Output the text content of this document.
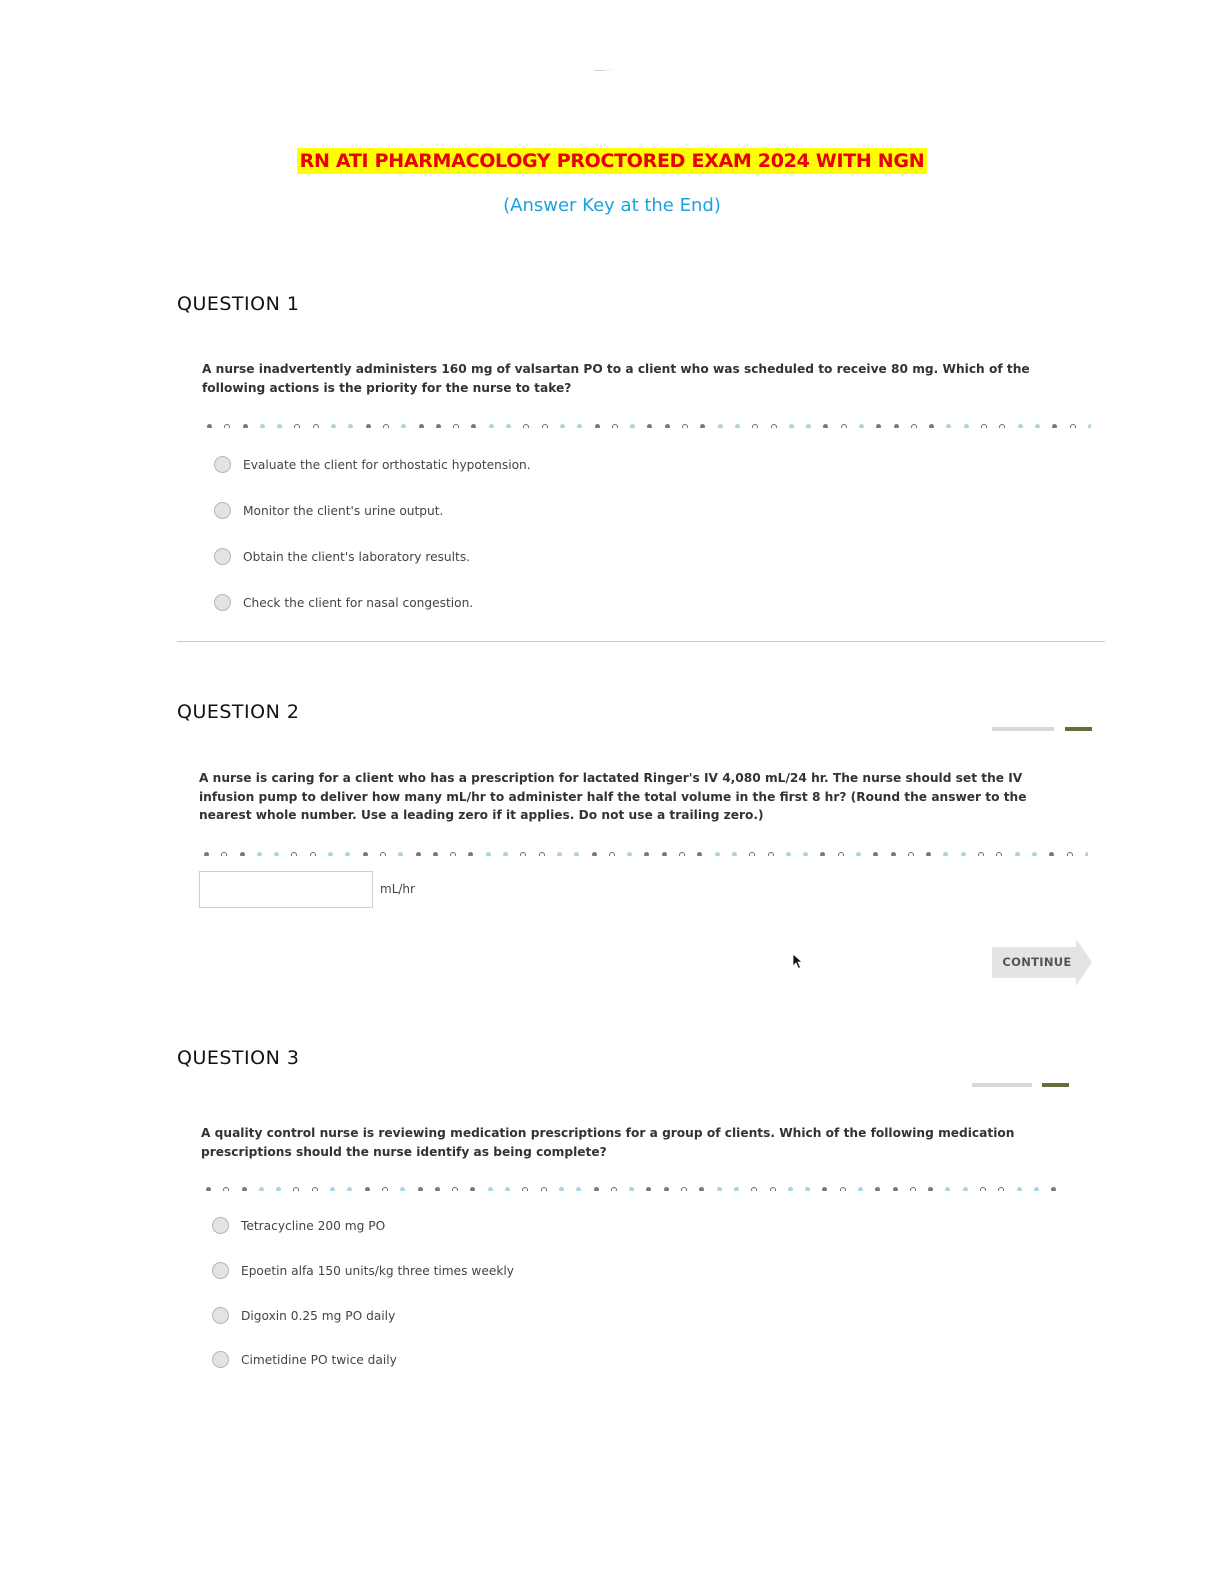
——— ·· ·
RN ATI PHARMACOLOGY PROCTORED EXAM 2024 WITH NGN
(Answer Key at the End)
QUESTION 1
A nurse inadvertently administers 160 mg of valsartan PO to a client who was scheduled to receive 80 mg. Which of the following actions is the priority for the nurse to take?
Evaluate the client for orthostatic hypotension.
Monitor the client's urine output.
Obtain the client's laboratory results.
Check the client for nasal congestion.
QUESTION 2
A nurse is caring for a client who has a prescription for lactated Ringer's IV 4,080 mL/24 hr. The nurse should set the IV infusion pump to deliver how many mL/hr to administer half the total volume in the first 8 hr? (Round the answer to the nearest whole number. Use a leading zero if it applies. Do not use a trailing zero.)
mL/hr
CONTINUE
QUESTION 3
A quality control nurse is reviewing medication prescriptions for a group of clients. Which of the following medication prescriptions should the nurse identify as being complete?
Tetracycline 200 mg PO
Epoetin alfa 150 units/kg three times weekly
Digoxin 0.25 mg PO daily
Cimetidine PO twice daily
